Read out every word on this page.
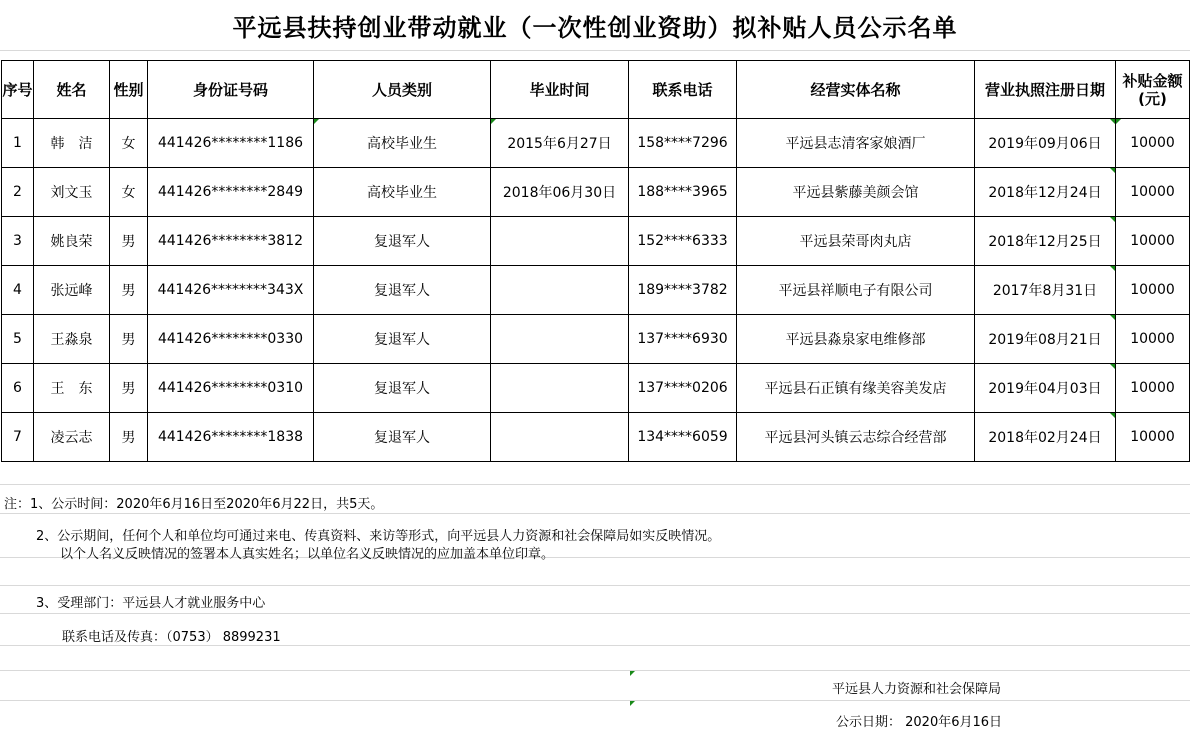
平远县扶持创业带动就业（一次性创业资助）拟补贴人员公示名单
序号	姓名	性别	身份证号码	人员类别	毕业时间	联系电话	经营实体名称	营业执照注册日期	补贴金额(元)
1	韩　洁	女	441426********1186	高校毕业生	2015年6月27日	158****7296	平远县志清客家娘酒厂	2019年09月06日	10000
2	刘文玉	女	441426********2849	高校毕业生	2018年06月30日	188****3965	平远县紫藤美颜会馆	2018年12月24日	10000
3	姚良荣	男	441426********3812	复退军人		152****6333	平远县荣哥肉丸店	2018年12月25日	10000
4	张远峰	男	441426********343X	复退军人		189****3782	平远县祥顺电子有限公司	2017年8月31日	10000
5	王淼泉	男	441426********0330	复退军人		137****6930	平远县淼泉家电维修部	2019年08月21日	10000
6	王　东	男	441426********0310	复退军人		137****0206	平远县石正镇有缘美容美发店	2019年04月03日	10000
7	凌云志	男	441426********1838	复退军人		134****6059	平远县河头镇云志综合经营部	2018年02月24日	10000
注：1、公示时间：2020年6月16日至2020年6月22日，共5天。
2、公示期间，任何个人和单位均可通过来电、传真资料、来访等形式，向平远县人力资源和社会保障局如实反映情况。
以个人名义反映情况的签署本人真实姓名；以单位名义反映情况的应加盖本单位印章。
3、受理部门：平远县人才就业服务中心
联系电话及传真：（0753） 8899231
平远县人力资源和社会保障局
公示日期： 2020年6月16日
